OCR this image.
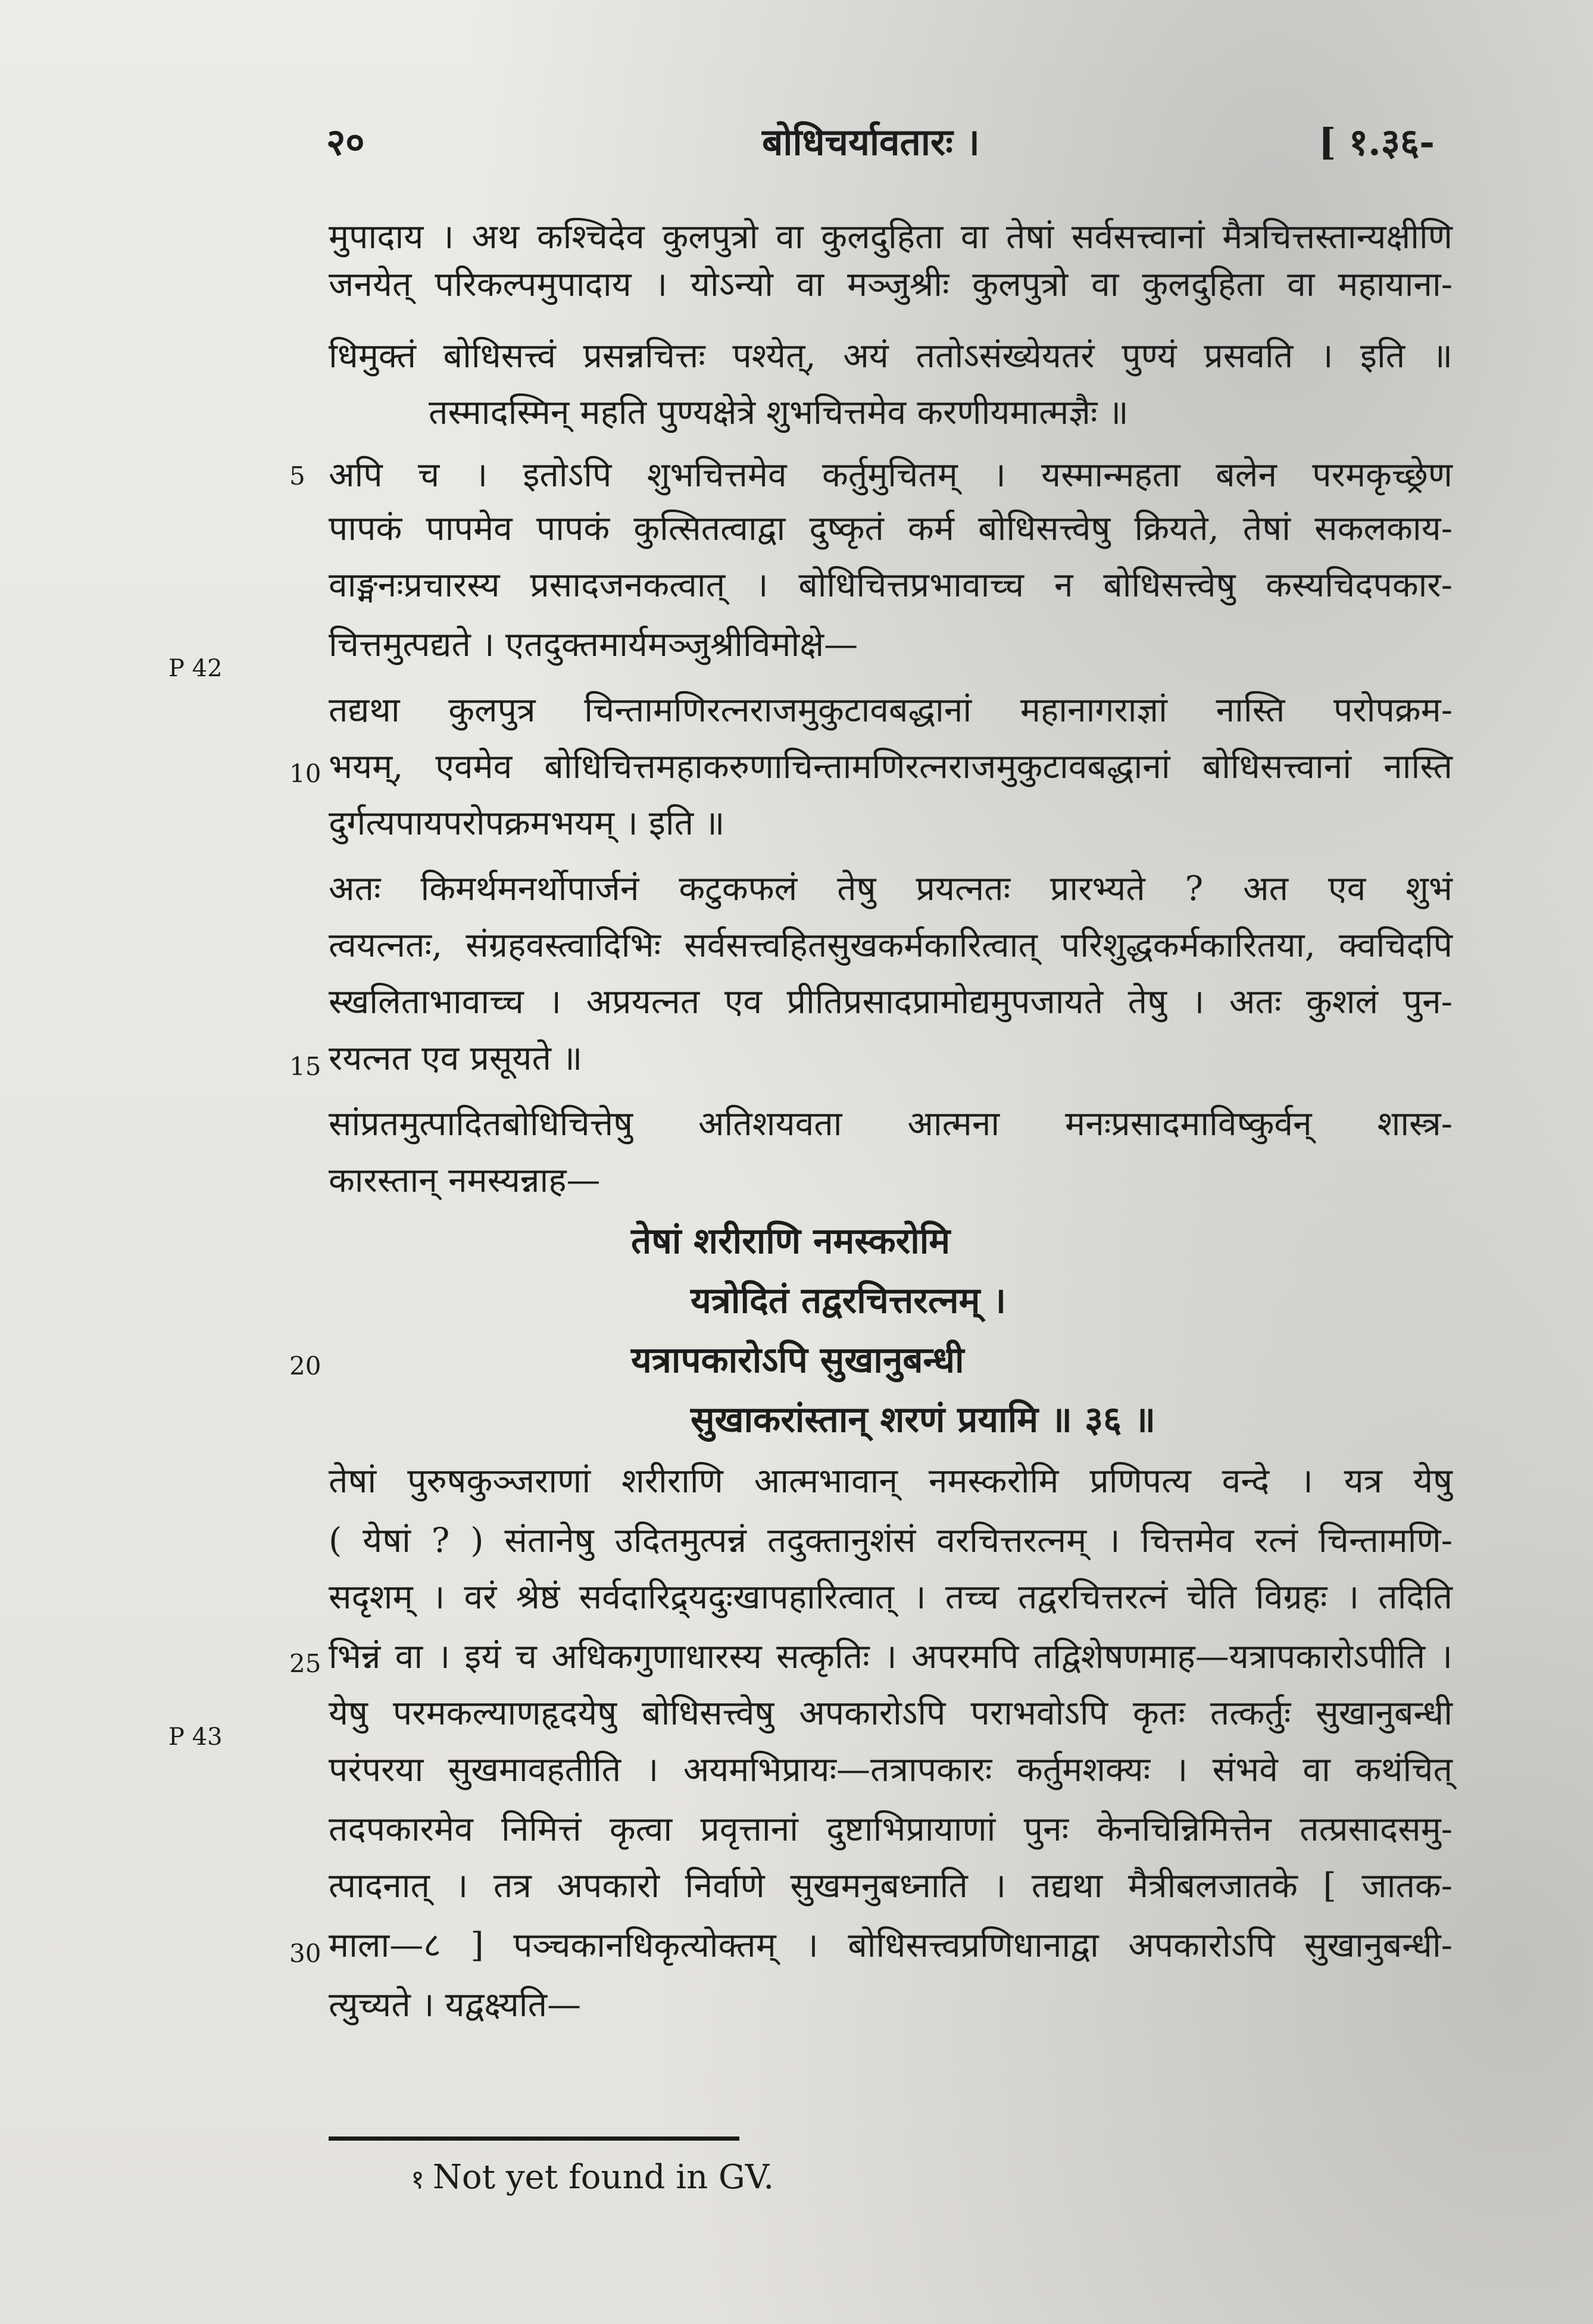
२०	बोधिचर्यावतारः ।	[ १.३६-
मुपादाय । अथ कश्चिदेव कुलपुत्रो वा कुलदुहिता वा तेषां सर्वसत्त्वानां मैत्रचित्तस्तान्यक्षीणि
जनयेत् परिकल्पमुपादाय । योऽन्यो वा मञ्जुश्रीः कुलपुत्रो वा कुलदुहिता वा महायाना-
धिमुक्तं बोधिसत्त्वं प्रसन्नचित्तः पश्येत्, अयं ततोऽसंख्येयतरं पुण्यं प्रसवति । इति ॥
तस्मादस्मिन् महति पुण्यक्षेत्रे शुभचित्तमेव करणीयमात्मज्ञैः ॥
अपि च । इतोऽपि शुभचित्तमेव कर्तुमुचितम् । यस्मान्महता बलेन परमकृच्छ्रेण
पापकं पापमेव पापकं कुत्सितत्वाद्वा दुष्कृतं कर्म बोधिसत्त्वेषु क्रियते, तेषां सकलकाय-
वाङ्मनःप्रचारस्य प्रसादजनकत्वात् । बोधिचित्तप्रभावाच्च न बोधिसत्त्वेषु कस्यचिदपकार-
चित्तमुत्पद्यते । एतदुक्तमार्यमञ्जुश्रीविमोक्षे—
तद्यथा कुलपुत्र चिन्तामणिरत्नराजमुकुटावबद्धानां महानागराज्ञां नास्ति परोपक्रम-
भयम्, एवमेव बोधिचित्तमहाकरुणाचिन्तामणिरत्नराजमुकुटावबद्धानां बोधिसत्त्वानां नास्ति
दुर्गत्यपायपरोपक्रमभयम् । इति ॥
अतः किमर्थमनर्थोपार्जनं कटुकफलं तेषु प्रयत्नतः प्रारभ्यते ? अत एव शुभं
त्वयत्नतः, संग्रहवस्त्वादिभिः सर्वसत्त्वहितसुखकर्मकारित्वात् परिशुद्धकर्मकारितया, क्वचिदपि
स्खलिताभावाच्च । अप्रयत्नत एव प्रीतिप्रसादप्रामोद्यमुपजायते तेषु । अतः कुशलं पुन-
रयत्नत एव प्रसूयते ॥
सांप्रतमुत्पादितबोधिचित्तेषु अतिशयवता आत्मना मनःप्रसादमाविष्कुर्वन् शास्त्र-
कारस्तान् नमस्यन्नाह—
तेषां शरीराणि नमस्करोमि
यत्रोदितं तद्वरचित्तरत्नम् ।
यत्रापकारोऽपि सुखानुबन्धी
सुखाकरांस्तान् शरणं प्रयामि ॥ ३६ ॥
तेषां पुरुषकुञ्जराणां शरीराणि आत्मभावान् नमस्करोमि प्रणिपत्य वन्दे । यत्र येषु
( येषां ? ) संतानेषु उदितमुत्पन्नं तदुक्तानुशंसं वरचित्तरत्नम् । चित्तमेव रत्नं चिन्तामणि-
सदृशम् । वरं श्रेष्ठं सर्वदारिद्र्यदुःखापहारित्वात् । तच्च तद्वरचित्तरत्नं चेति विग्रहः । तदिति
भिन्नं वा । इयं च अधिकगुणाधारस्य सत्कृतिः । अपरमपि तद्विशेषणमाह—यत्रापकारोऽपीति ।
येषु परमकल्याणहृदयेषु बोधिसत्त्वेषु अपकारोऽपि पराभवोऽपि कृतः तत्कर्तुः सुखानुबन्धी
परंपरया सुखमावहतीति । अयमभिप्रायः—तत्रापकारः कर्तुमशक्यः । संभवे वा कथंचित्
तदपकारमेव निमित्तं कृत्वा प्रवृत्तानां दुष्टाभिप्रायाणां पुनः केनचिन्निमित्तेन तत्प्रसादसमु-
त्पादनात् । तत्र अपकारो निर्वाणे सुखमनुबध्नाति । तद्यथा मैत्रीबलजातके [ जातक-
माला—८ ] पञ्चकानधिकृत्योक्तम् । बोधिसत्त्वप्रणिधानाद्वा अपकारोऽपि सुखानुबन्धी-
त्युच्यते । यद्वक्ष्यति—
5
10
15
20
25
30
P 42
P 43
१ Not yet found in GV.
